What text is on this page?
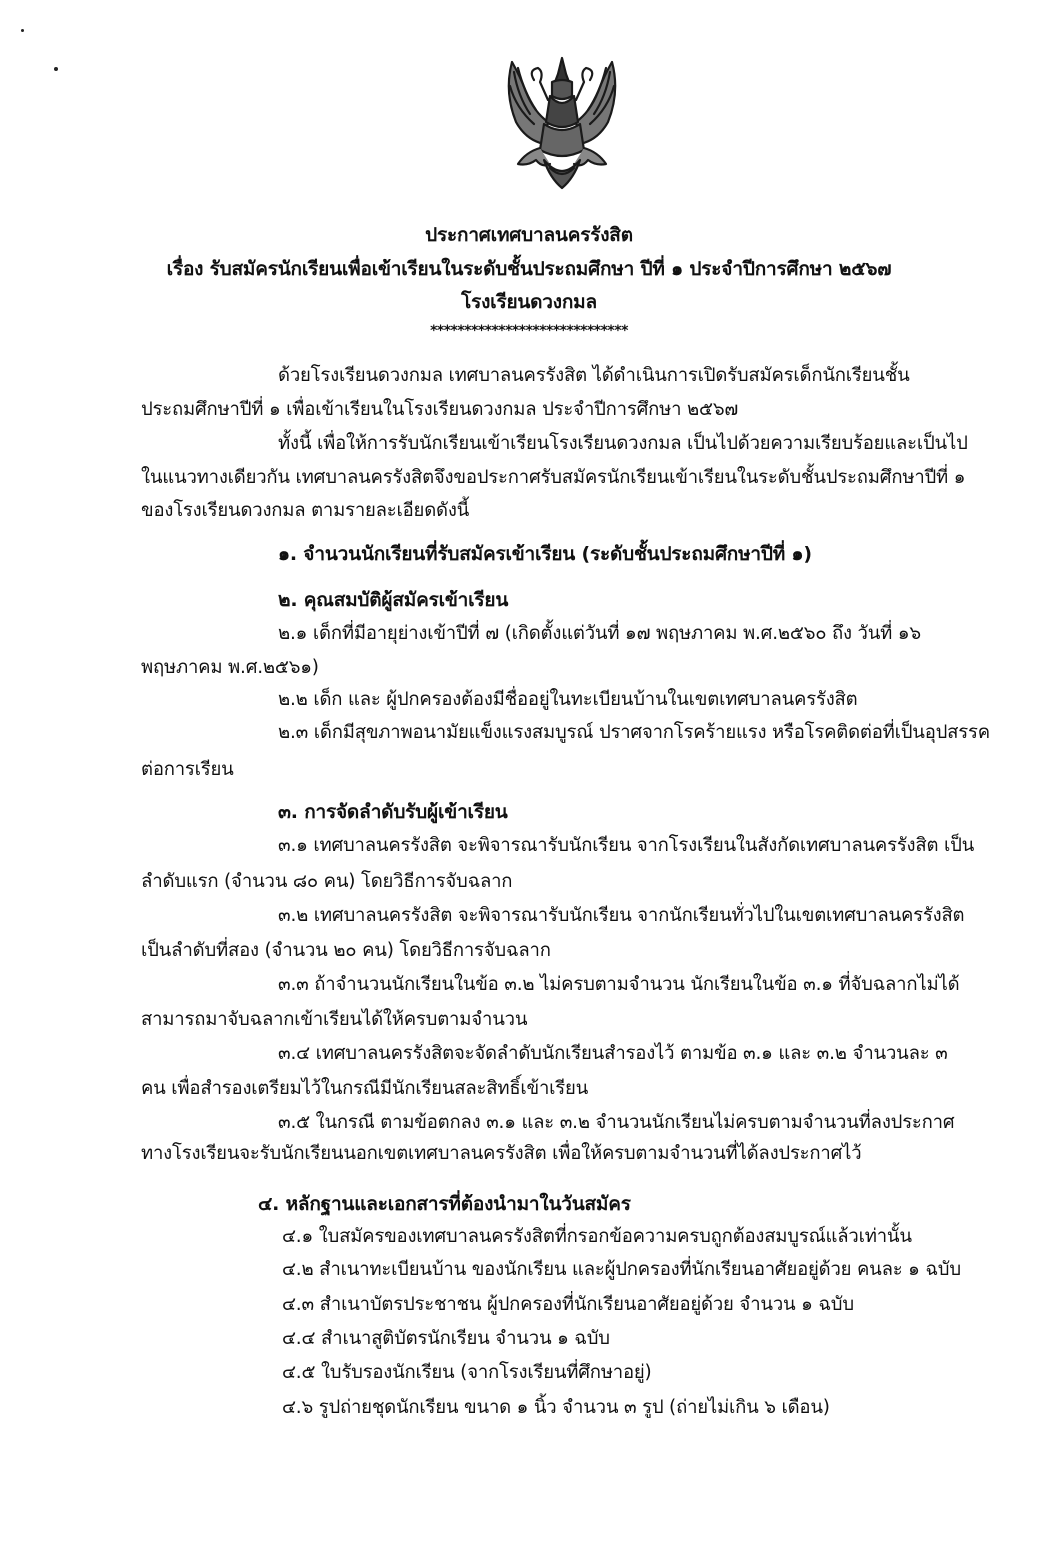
ประกาศเทศบาลนครรังสิต
เรื่อง รับสมัครนักเรียนเพื่อเข้าเรียนในระดับชั้นประถมศึกษา ปีที่ ๑ ประจำปีการศึกษา ๒๕๖๗
โรงเรียนดวงกมล
*****************************
ด้วยโรงเรียนดวงกมล เทศบาลนครรังสิต ได้ดำเนินการเปิดรับสมัครเด็กนักเรียนชั้น
ประถมศึกษาปีที่ ๑ เพื่อเข้าเรียนในโรงเรียนดวงกมล ประจำปีการศึกษา ๒๕๖๗
ทั้งนี้ เพื่อให้การรับนักเรียนเข้าเรียนโรงเรียนดวงกมล เป็นไปด้วยความเรียบร้อยและเป็นไป
ในแนวทางเดียวกัน เทศบาลนครรังสิตจึงขอประกาศรับสมัครนักเรียนเข้าเรียนในระดับชั้นประถมศึกษาปีที่ ๑
ของโรงเรียนดวงกมล ตามรายละเอียดดังนี้
๑. จำนวนนักเรียนที่รับสมัครเข้าเรียน (ระดับชั้นประถมศึกษาปีที่ ๑)
๒. คุณสมบัติผู้สมัครเข้าเรียน
๒.๑ เด็กที่มีอายุย่างเข้าปีที่ ๗ (เกิดตั้งแต่วันที่ ๑๗ พฤษภาคม พ.ศ.๒๕๖๐ ถึง วันที่ ๑๖
พฤษภาคม พ.ศ.๒๕๖๑)
๒.๒ เด็ก และ ผู้ปกครองต้องมีชื่ออยู่ในทะเบียนบ้านในเขตเทศบาลนครรังสิต
๒.๓ เด็กมีสุขภาพอนามัยแข็งแรงสมบูรณ์ ปราศจากโรคร้ายแรง หรือโรคติดต่อที่เป็นอุปสรรค
ต่อการเรียน
๓. การจัดลำดับรับผู้เข้าเรียน
๓.๑ เทศบาลนครรังสิต จะพิจารณารับนักเรียน จากโรงเรียนในสังกัดเทศบาลนครรังสิต เป็น
ลำดับแรก (จำนวน ๘๐ คน) โดยวิธีการจับฉลาก
๓.๒ เทศบาลนครรังสิต จะพิจารณารับนักเรียน จากนักเรียนทั่วไปในเขตเทศบาลนครรังสิต
เป็นลำดับที่สอง (จำนวน ๒๐ คน) โดยวิธีการจับฉลาก
๓.๓ ถ้าจำนวนนักเรียนในข้อ ๓.๒ ไม่ครบตามจำนวน นักเรียนในข้อ ๓.๑ ที่จับฉลากไม่ได้
สามารถมาจับฉลากเข้าเรียนได้ให้ครบตามจำนวน
๓.๔ เทศบาลนครรังสิตจะจัดลำดับนักเรียนสำรองไว้ ตามข้อ ๓.๑ และ ๓.๒ จำนวนละ ๓
คน เพื่อสำรองเตรียมไว้ในกรณีมีนักเรียนสละสิทธิ์เข้าเรียน
๓.๕ ในกรณี ตามข้อตกลง ๓.๑ และ ๓.๒ จำนวนนักเรียนไม่ครบตามจำนวนที่ลงประกาศ
ทางโรงเรียนจะรับนักเรียนนอกเขตเทศบาลนครรังสิต เพื่อให้ครบตามจำนวนที่ได้ลงประกาศไว้
๔. หลักฐานและเอกสารที่ต้องนำมาในวันสมัคร
๔.๑ ใบสมัครของเทศบาลนครรังสิตที่กรอกข้อความครบถูกต้องสมบูรณ์แล้วเท่านั้น
๔.๒ สำเนาทะเบียนบ้าน ของนักเรียน และผู้ปกครองที่นักเรียนอาศัยอยู่ด้วย คนละ ๑ ฉบับ
๔.๓ สำเนาบัตรประชาชน ผู้ปกครองที่นักเรียนอาศัยอยู่ด้วย จำนวน ๑ ฉบับ
๔.๔ สำเนาสูติบัตรนักเรียน จำนวน ๑ ฉบับ
๔.๕ ใบรับรองนักเรียน (จากโรงเรียนที่ศึกษาอยู่)
๔.๖ รูปถ่ายชุดนักเรียน ขนาด ๑ นิ้ว จำนวน ๓ รูป (ถ่ายไม่เกิน ๖ เดือน)
